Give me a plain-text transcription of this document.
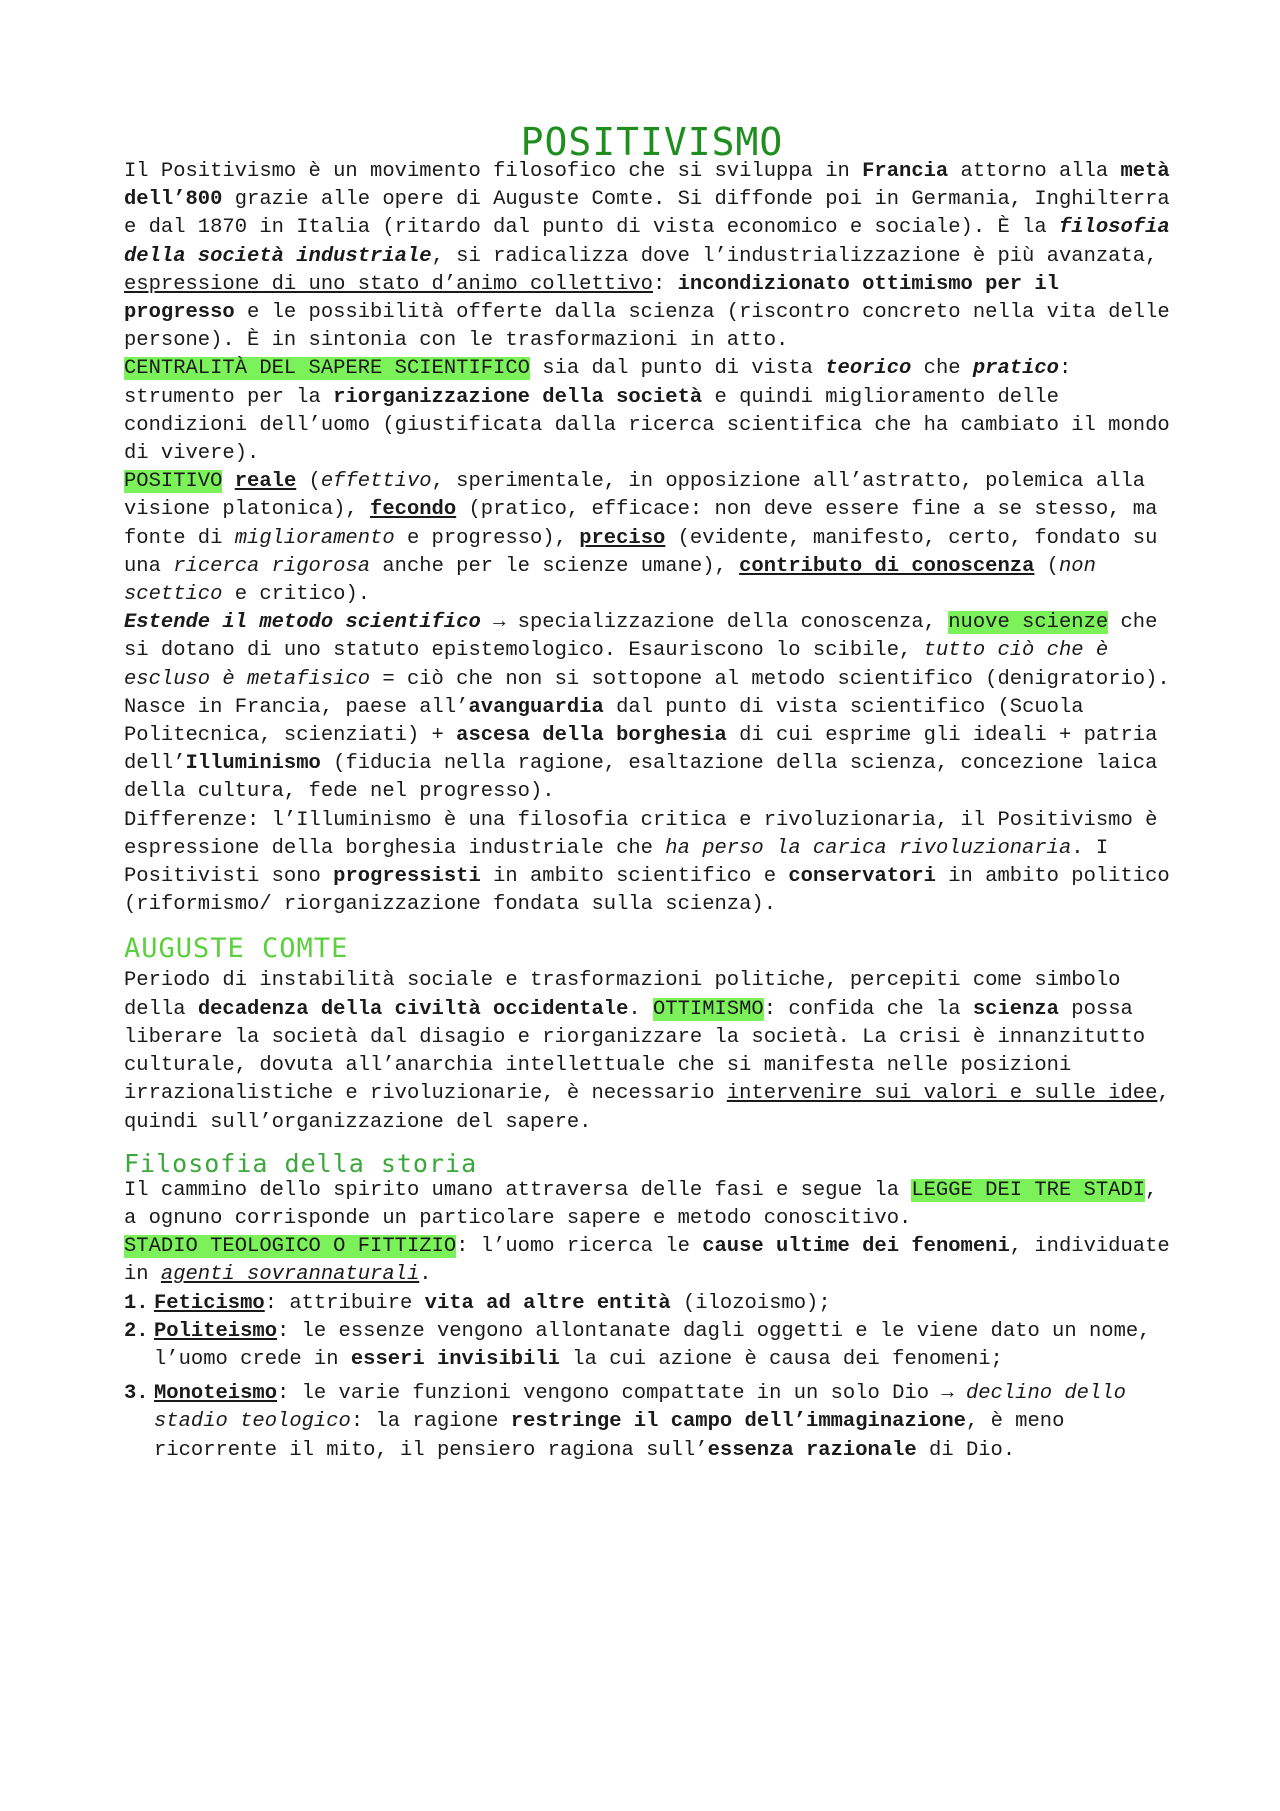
POSITIVISMO

Il Positivismo è un movimento filosofico che si sviluppa in Francia attorno alla metà dell’800 grazie alle opere di Auguste Comte. Si diffonde poi in Germania, Inghilterra e dal 1870 in Italia (ritardo dal punto di vista economico e sociale). È la filosofia della società industriale, si radicalizza dove l’industrializzazione è più avanzata, espressione di uno stato d’animo collettivo: incondizionato ottimismo per il progresso e le possibilità offerte dalla scienza (riscontro concreto nella vita delle persone). È in sintonia con le trasformazioni in atto.

CENTRALITÀ DEL SAPERE SCIENTIFICO sia dal punto di vista teorico che pratico: strumento per la riorganizzazione della società e quindi miglioramento delle condizioni dell’uomo (giustificata dalla ricerca scientifica che ha cambiato il mondo di vivere).

POSITIVO reale (effettivo, sperimentale, in opposizione all’astratto, polemica alla visione platonica), fecondo (pratico, efficace: non deve essere fine a se stesso, ma fonte di miglioramento e progresso), preciso (evidente, manifesto, certo, fondato su una ricerca rigorosa anche per le scienze umane), contributo di conoscenza (non scettico e critico).

Estende il metodo scientifico → specializzazione della conoscenza, nuove scienze che si dotano di uno statuto epistemologico. Esauriscono lo scibile, tutto ciò che è escluso è metafisico = ciò che non si sottopone al metodo scientifico (denigratorio).

Nasce in Francia, paese all’avanguardia dal punto di vista scientifico (Scuola Politecnica, scienziati) + ascesa della borghesia di cui esprime gli ideali + patria dell’Illuminismo (fiducia nella ragione, esaltazione della scienza, concezione laica della cultura, fede nel progresso).

Differenze: l’Illuminismo è una filosofia critica e rivoluzionaria, il Positivismo è espressione della borghesia industriale che ha perso la carica rivoluzionaria. I Positivisti sono progressisti in ambito scientifico e conservatori in ambito politico (riformismo/ riorganizzazione fondata sulla scienza).

AUGUSTE COMTE

Periodo di instabilità sociale e trasformazioni politiche, percepiti come simbolo della decadenza della civiltà occidentale. OTTIMISMO: confida che la scienza possa liberare la società dal disagio e riorganizzare la società. La crisi è innanzitutto culturale, dovuta all’anarchia intellettuale che si manifesta nelle posizioni irrazionalistiche e rivoluzionarie, è necessario intervenire sui valori e sulle idee, quindi sull’organizzazione del sapere.

Filosofia della storia

Il cammino dello spirito umano attraversa delle fasi e segue la LEGGE DEI TRE STADI, a ognuno corrisponde un particolare sapere e metodo conoscitivo.

STADIO TEOLOGICO O FITTIZIO: l’uomo ricerca le cause ultime dei fenomeni, individuate in agenti sovrannaturali.

1. Feticismo: attribuire vita ad altre entità (ilozoismo);
2. Politeismo: le essenze vengono allontanate dagli oggetti e le viene dato un nome, l’uomo crede in esseri invisibili la cui azione è causa dei fenomeni;
3. Monoteismo: le varie funzioni vengono compattate in un solo Dio → declino dello stadio teologico: la ragione restringe il campo dell’immaginazione, è meno ricorrente il mito, il pensiero ragiona sull’essenza razionale di Dio.
